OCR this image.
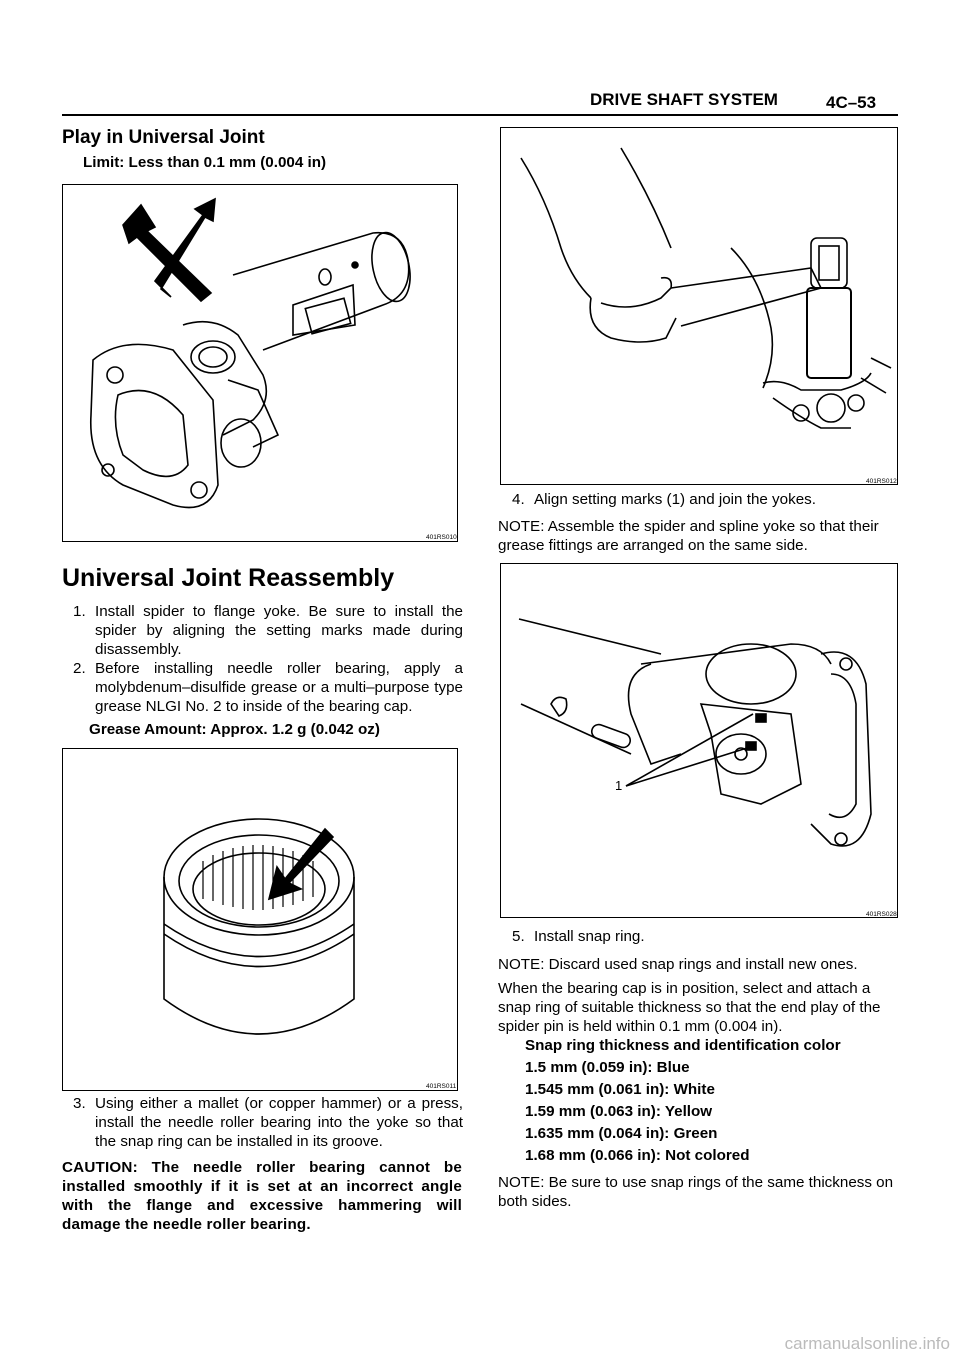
DRIVE SHAFT SYSTEM	4C–53
Play in Universal Joint
Limit: Less than 0.1 mm (0.004 in)
401RS010
Universal Joint Reassembly
1. Install spider to flange yoke. Be sure to install the spider by aligning the setting marks made during disassembly.
2. Before installing needle roller bearing, apply a molybdenum–disulfide grease or a multi–purpose type grease NLGI No. 2 to inside of the bearing cap.
Grease Amount: Approx. 1.2 g (0.042 oz)
401RS011
3. Using either a mallet (or copper hammer) or a press, install the needle roller bearing into the yoke so that the snap ring can be installed in its groove.
CAUTION: The needle roller bearing cannot be installed smoothly if it is set at an incorrect angle with the flange and excessive hammering will damage the needle roller bearing.
401RS012
4. Align setting marks (1) and join the yokes.
NOTE: Assemble the spider and spline yoke so that their grease fittings are arranged on the same side.
1
401RS028
5. Install snap ring.
NOTE: Discard used snap rings and install new ones.
When the bearing cap is in position, select and attach a snap ring of suitable thickness so that the end play of the spider pin is held within 0.1 mm (0.004 in).
Snap ring thickness and identification color
1.5 mm (0.059 in): Blue
1.545 mm (0.061 in): White
1.59 mm (0.063 in): Yellow
1.635 mm (0.064 in): Green
1.68 mm (0.066 in): Not colored
NOTE: Be sure to use snap rings of the same thickness on both sides.
carmanualsonline.info
